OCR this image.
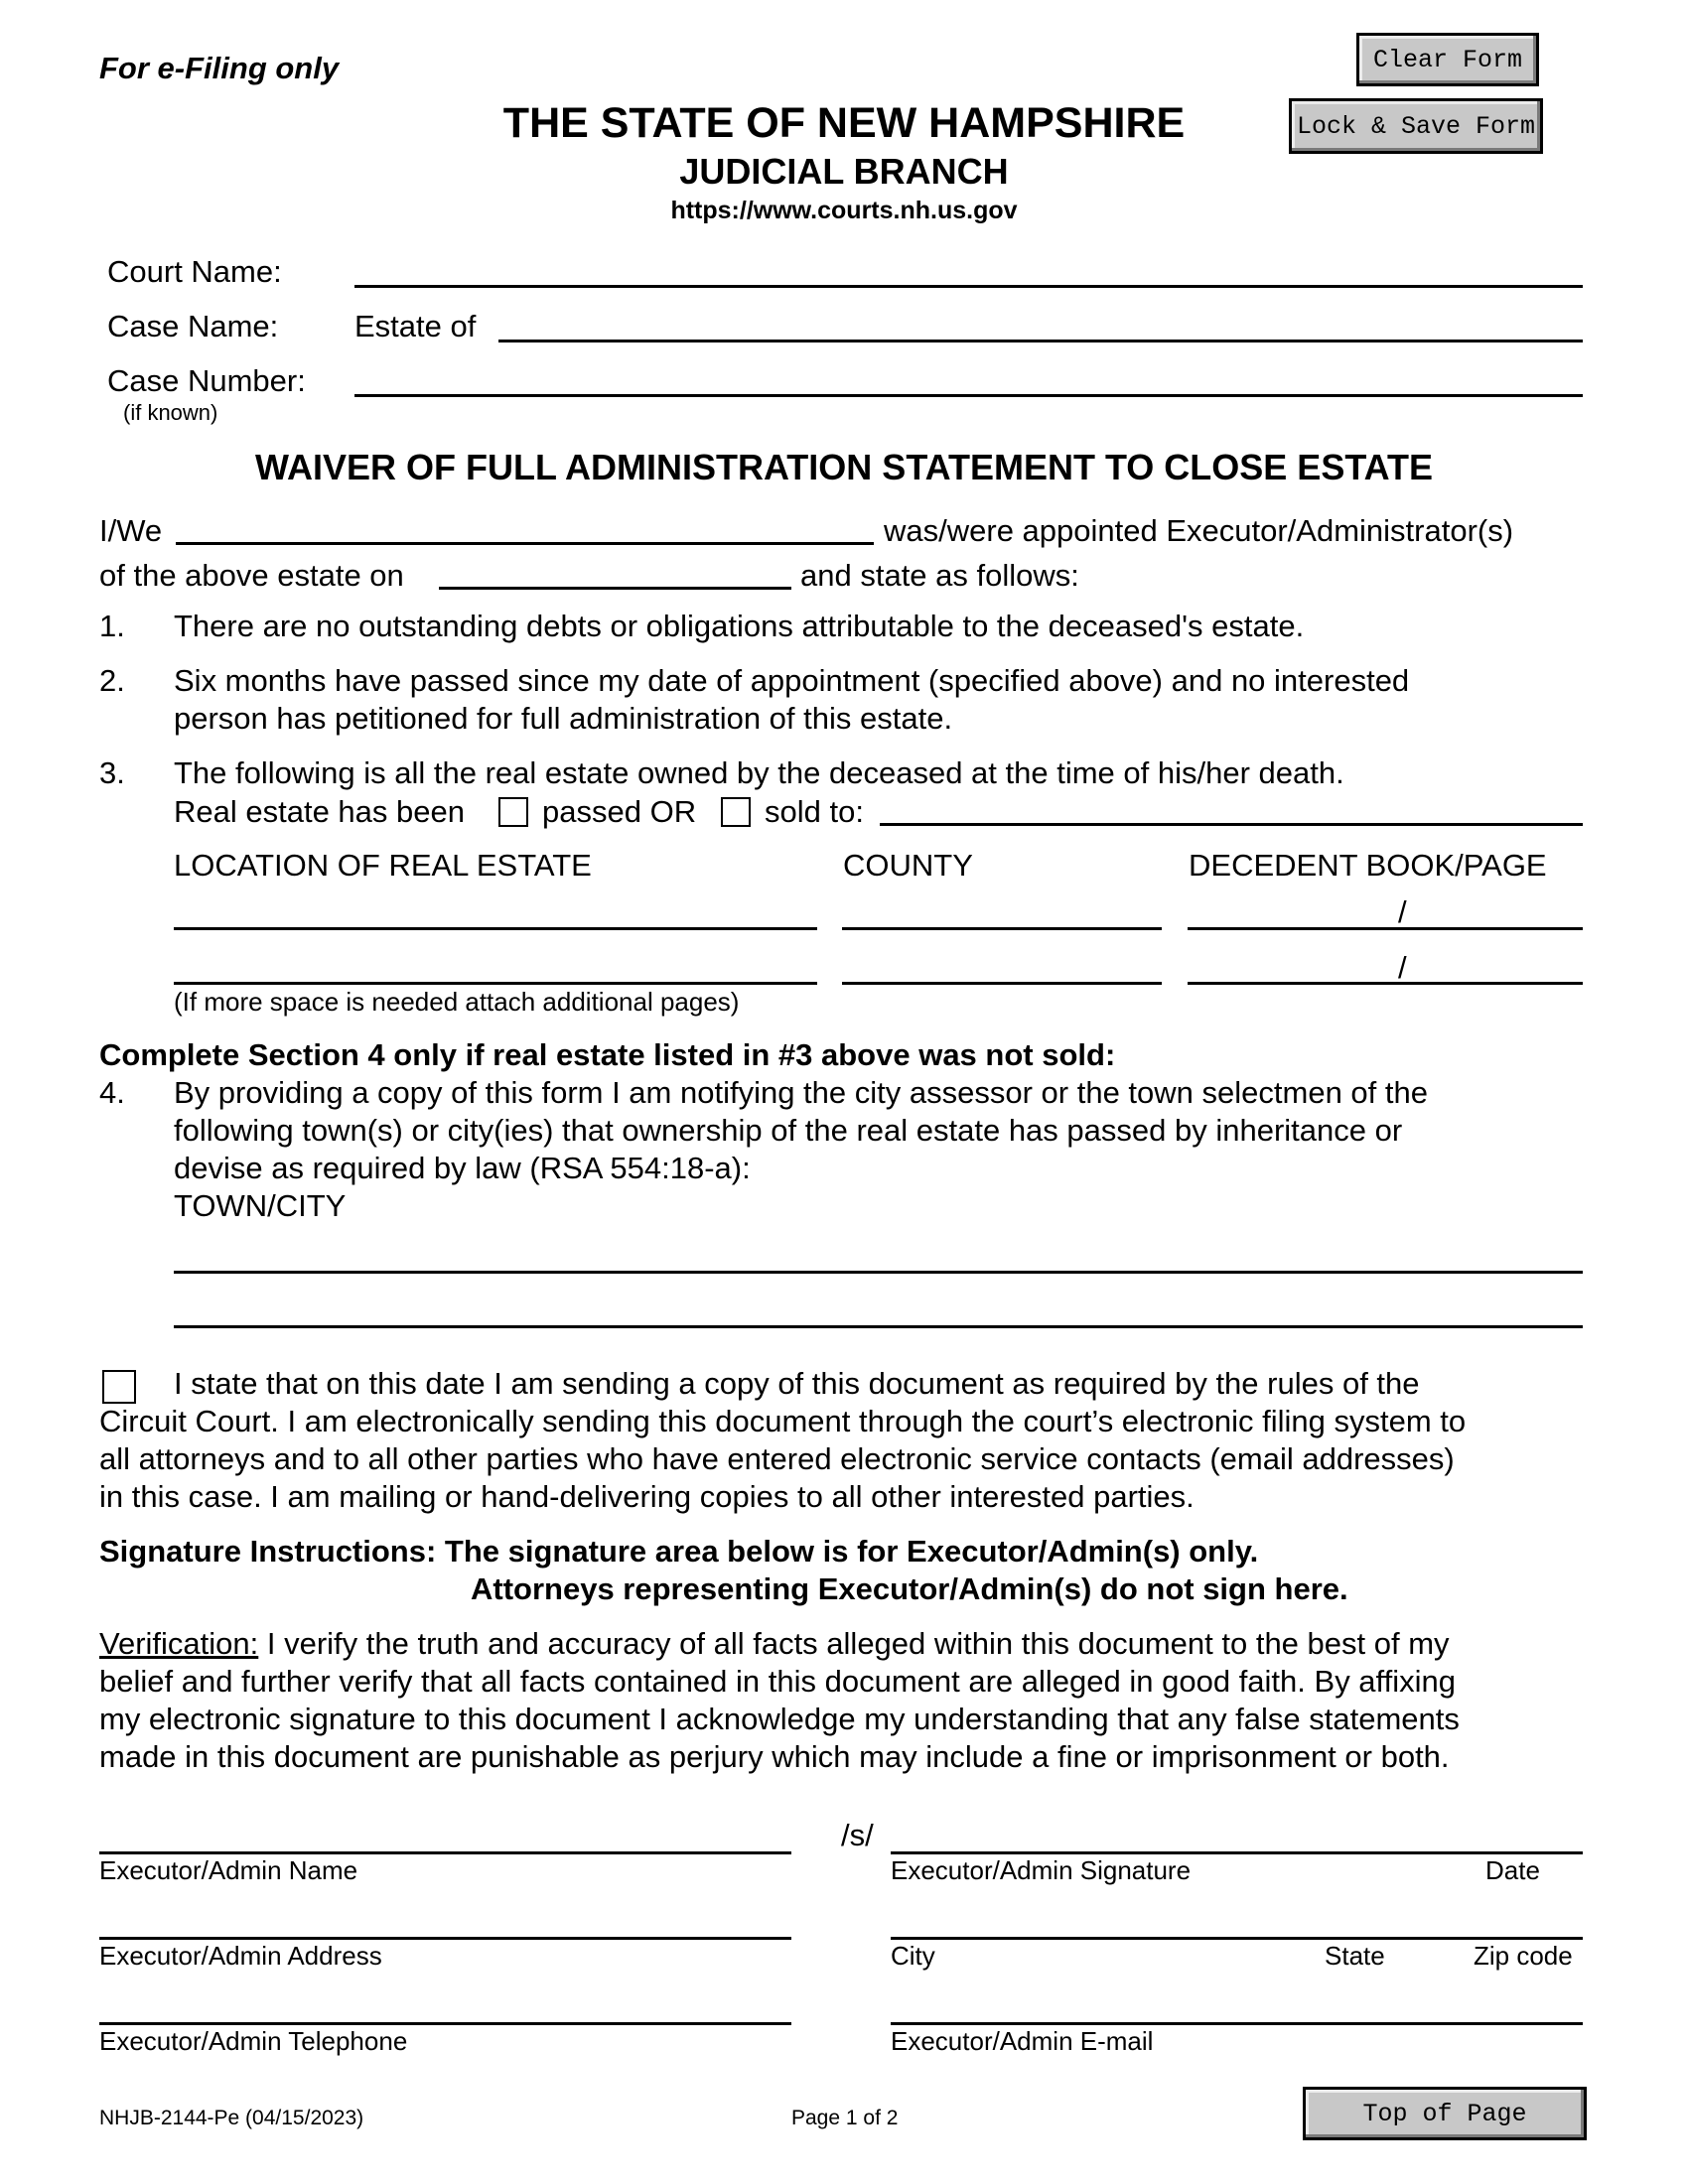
For e-Filing only	Clear Form
Lock & Save Form
THE STATE OF NEW HAMPSHIRE
JUDICIAL BRANCH
https://www.courts.nh.us.gov
Court Name:
Case Name: Estate of
Case Number:
(if known)
WAIVER OF FULL ADMINISTRATION STATEMENT TO CLOSE ESTATE
I/We	was/were appointed Executor/Administrator(s)
of the above estate on	and state as follows:
1. There are no outstanding debts or obligations attributable to the deceased's estate.
2. Six months have passed since my date of appointment (specified above) and no interested
person has petitioned for full administration of this estate.
3. The following is all the real estate owned by the deceased at the time of his/her death.
Real estate has been	passed OR sold to:
LOCATION OF REAL ESTATE	COUNTY	DECEDENT BOOK/PAGE
/
/
(If more space is needed attach additional pages)
Complete Section 4 only if real estate listed in #3 above was not sold:
4. By providing a copy of this form I am notifying the city assessor or the town selectmen of the
following town(s) or city(ies) that ownership of the real estate has passed by inheritance or
devise as required by law (RSA 554:18-a):
TOWN/CITY
I state that on this date I am sending a copy of this document as required by the rules of the
Circuit Court. I am electronically sending this document through the court’s electronic filing system to
all attorneys and to all other parties who have entered electronic service contacts (email addresses)
in this case. I am mailing or hand-delivering copies to all other interested parties.
Signature Instructions: The signature area below is for Executor/Admin(s) only.
Attorneys representing Executor/Admin(s) do not sign here.
Verification: I verify the truth and accuracy of all facts alleged within this document to the best of my
belief and further verify that all facts contained in this document are alleged in good faith. By affixing
my electronic signature to this document I acknowledge my understanding that any false statements
made in this document are punishable as perjury which may include a fine or imprisonment or both.
/s/
Executor/Admin Name	Executor/Admin Signature	Date
Executor/Admin Address	City	State	Zip code
Executor/Admin Telephone	Executor/Admin E-mail
NHJB-2144-Pe (04/15/2023)	Page 1 of 2	Top of Page
